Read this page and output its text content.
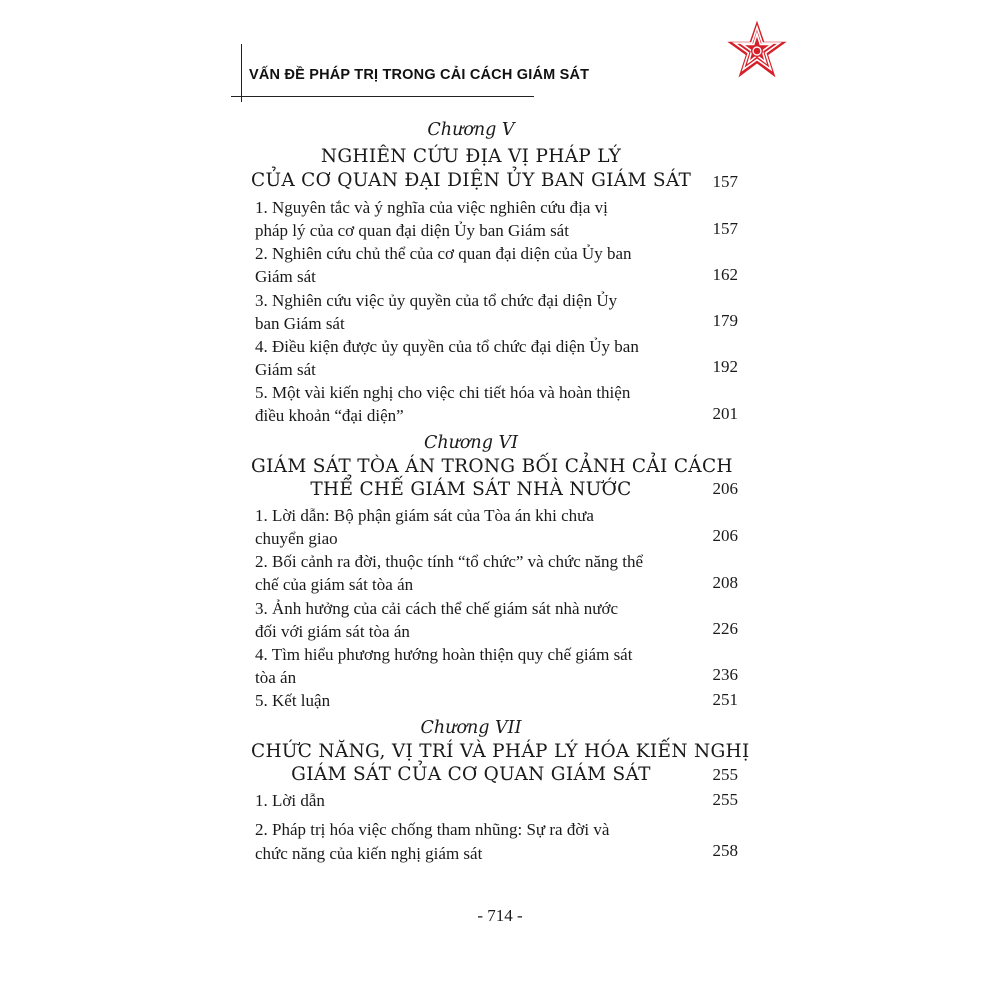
VẤN ĐỀ PHÁP TRỊ TRONG CẢI CÁCH GIÁM SÁT
Chương V
NGHIÊN CỨU ĐỊA VỊ PHÁP LÝ
CỦA CƠ QUAN ĐẠI DIỆN ỦY BAN GIÁM SÁT	157
1. Nguyên tắc và ý nghĩa của việc nghiên cứu địa vị
pháp lý của cơ quan đại diện Ủy ban Giám sát	157
2. Nghiên cứu chủ thể của cơ quan đại diện của Ủy ban
Giám sát	162
3. Nghiên cứu việc ủy quyền của tổ chức đại diện Ủy
ban Giám sát	179
4. Điều kiện được ủy quyền của tổ chức đại diện Ủy ban
Giám sát	192
5. Một vài kiến nghị cho việc chi tiết hóa và hoàn thiện
điều khoản “đại diện”	201
Chương VI
GIÁM SÁT TÒA ÁN TRONG BỐI CẢNH CẢI CÁCH
THỂ CHẾ GIÁM SÁT NHÀ NƯỚC	206
1. Lời dẫn: Bộ phận giám sát của Tòa án khi chưa
chuyển giao	206
2. Bối cảnh ra đời, thuộc tính “tổ chức” và chức năng thể
chế của giám sát tòa án	208
3. Ảnh hưởng của cải cách thể chế giám sát nhà nước
đối với giám sát tòa án	226
4. Tìm hiểu phương hướng hoàn thiện quy chế giám sát
tòa án	236
5. Kết luận	251
Chương VII
CHỨC NĂNG, VỊ TRÍ VÀ PHÁP LÝ HÓA KIẾN NGHỊ
GIÁM SÁT CỦA CƠ QUAN GIÁM SÁT	255
1. Lời dẫn	255
2. Pháp trị hóa việc chống tham nhũng: Sự ra đời và
chức năng của kiến nghị giám sát	258
- 714 -
